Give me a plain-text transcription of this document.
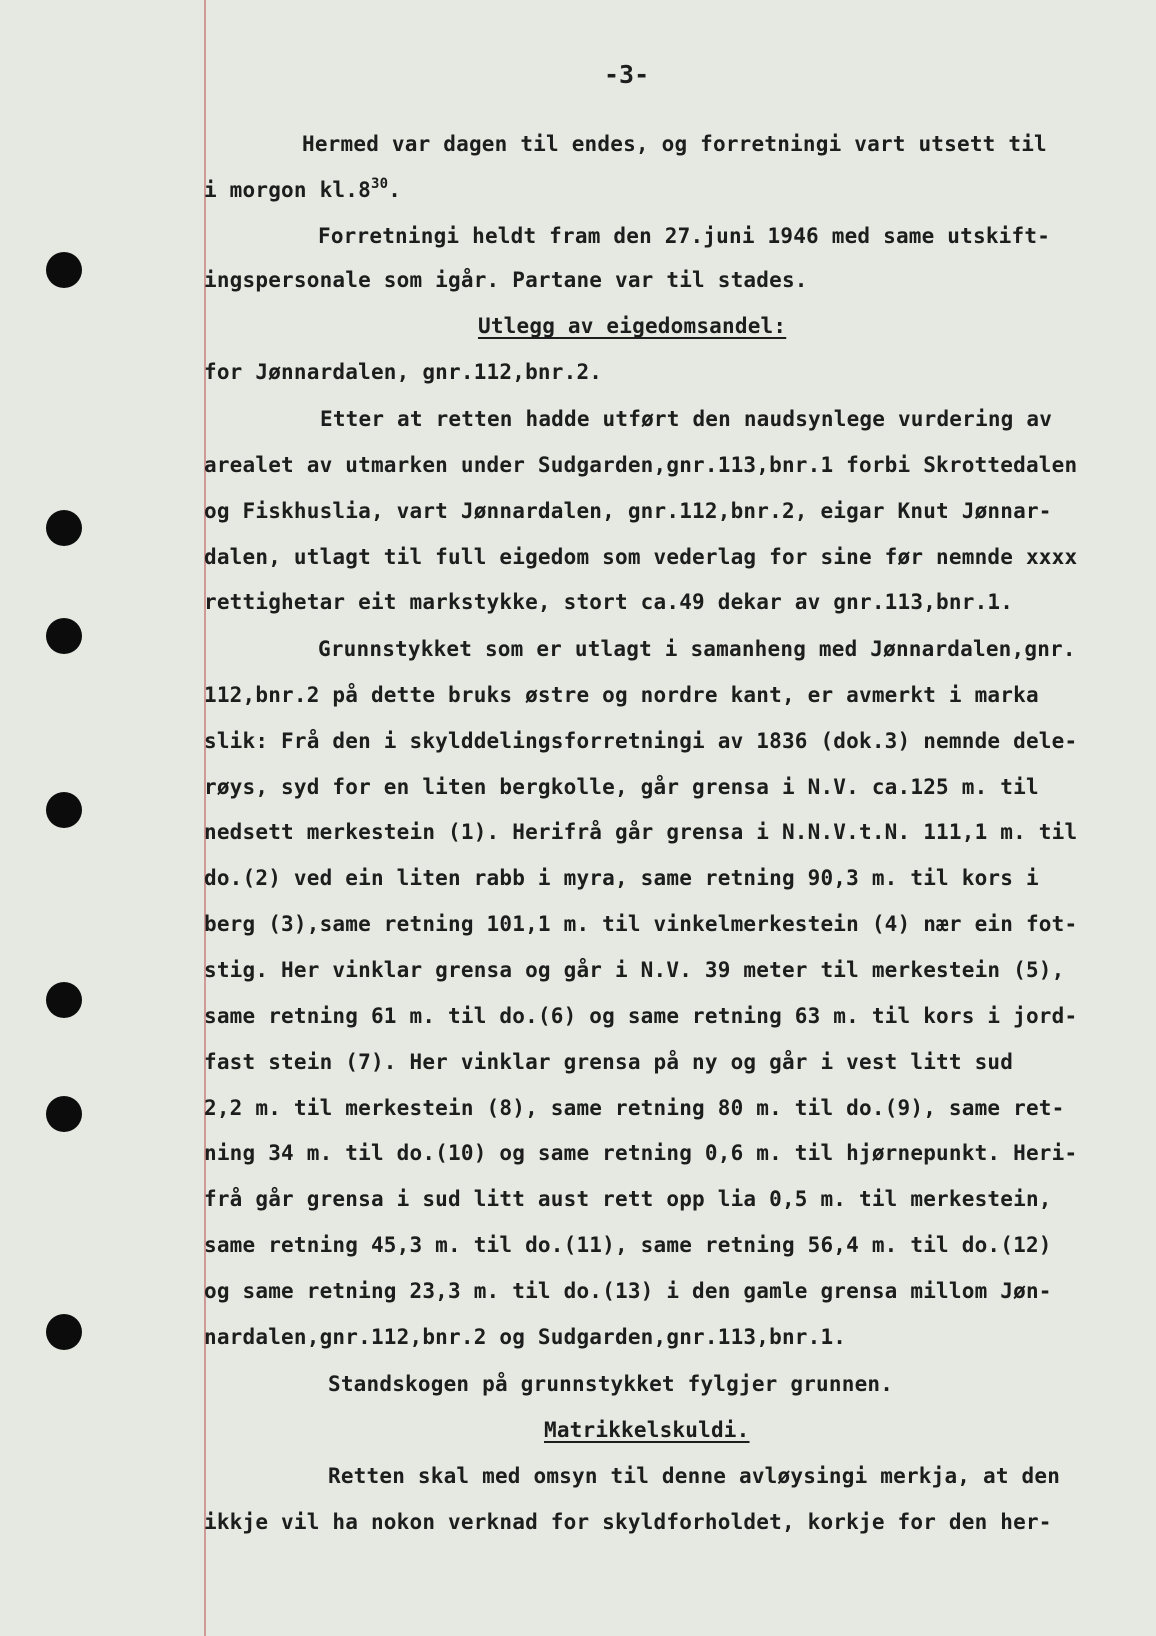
-3-
Hermed var dagen til endes, og forretningi vart utsett til
i morgon $kl.8^{30}$.
Forretningi heldt fram den 27.juni 1946 med same utskift-
ingspersonale som igår. Partane var til stades.
Utlegg av eigedomsandel:
for Jønnardalen, gnr.112,bnr.2.
Etter at retten hadde utført den naudsynlege vurdering av
arealet av utmarken under Sudgarden,gnr.113,bnr.1 forbi Skrottedalen
og Fiskhuslia, vart Jønnardalen, gnr.112,bnr.2, eigar Knut Jønnar-
dalen, utlagt til full eigedom som vederlag for sine før nemnde xxxx
rettighetar eit markstykke, stort ca.49 dekar av gnr.113,bnr.1.
Grunnstykket som er utlagt i samanheng med Jønnardalen,gnr.
112,bnr.2 på dette bruks østre og nordre kant, er avmerkt i marka
slik: Frå den i skylddelingsforretningi av 1836 (dok.3) nemnde dele-
røys, syd for en liten bergkolle, går grensa i N.V. ca.125 m. til
nedsett merkestein (1). Herifrå går grensa i N.N.V.t.N. 111,1 m. til
do.(2) ved ein liten rabb i myra, same retning 90,3 m. til kors i
berg (3),same retning 101,1 m. til vinkelmerkestein (4) nær ein fot-
stig. Her vinklar grensa og går i N.V. 39 meter til merkestein (5),
same retning 61 m. til do.(6) og same retning 63 m. til kors i jord-
fast stein (7). Her vinklar grensa på ny og går i vest litt sud
2,2 m. til merkestein (8), same retning 80 m. til do.(9), same ret-
ning 34 m. til do.(10) og same retning 0,6 m. til hjørnepunkt. Heri-
frå går grensa i sud litt aust rett opp lia 0,5 m. til merkestein,
same retning 45,3 m. til do.(11), same retning 56,4 m. til do.(12)
og same retning 23,3 m. til do.(13) i den gamle grensa millom Jøn-
nardalen,gnr.112,bnr.2 og Sudgarden,gnr.113,bnr.1.
Standskogen på grunnstykket fylgjer grunnen.
Matrikkelskuldi.
Retten skal med omsyn til denne avløysingi merkja, at den
ikkje vil ha nokon verknad for skyldforholdet, korkje for den her-
